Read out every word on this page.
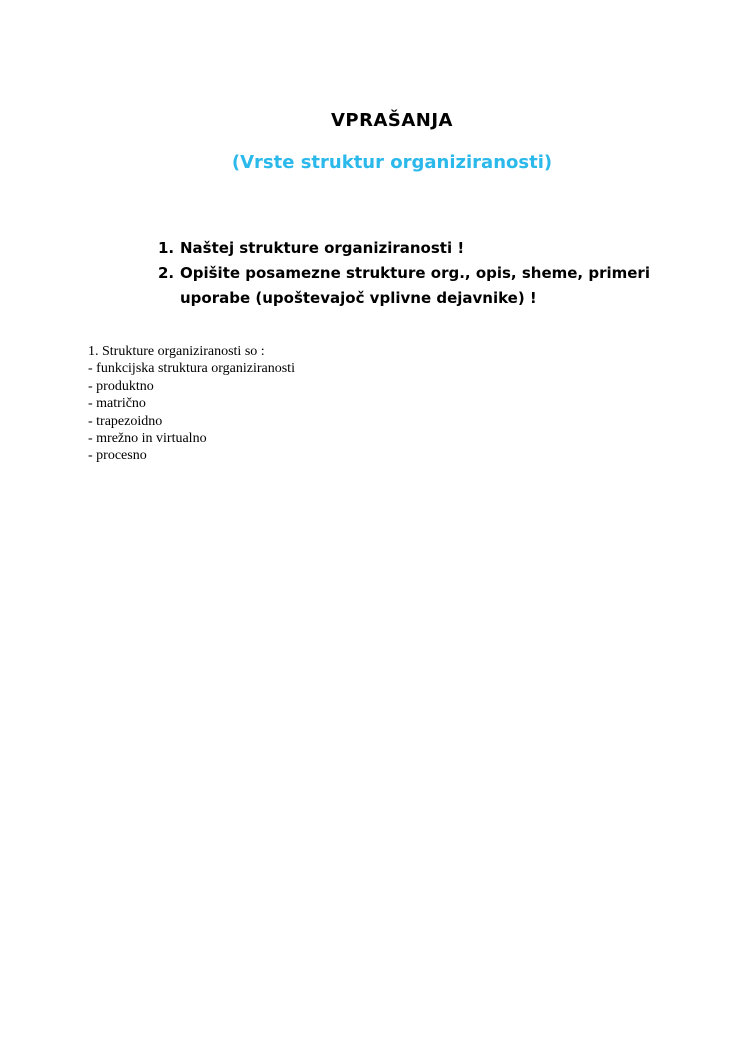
VPRAŠANJA
(Vrste struktur organiziranosti)
1. Naštej strukture organiziranosti !
2. Opišite posamezne strukture org., opis, sheme, primeri uporabe (upoštevajoč vplivne dejavnike) !
1. Strukture organiziranosti so :
- funkcijska struktura organiziranosti
- produktno
- matrično
- trapezoidno
- mrežno in virtualno
- procesno
